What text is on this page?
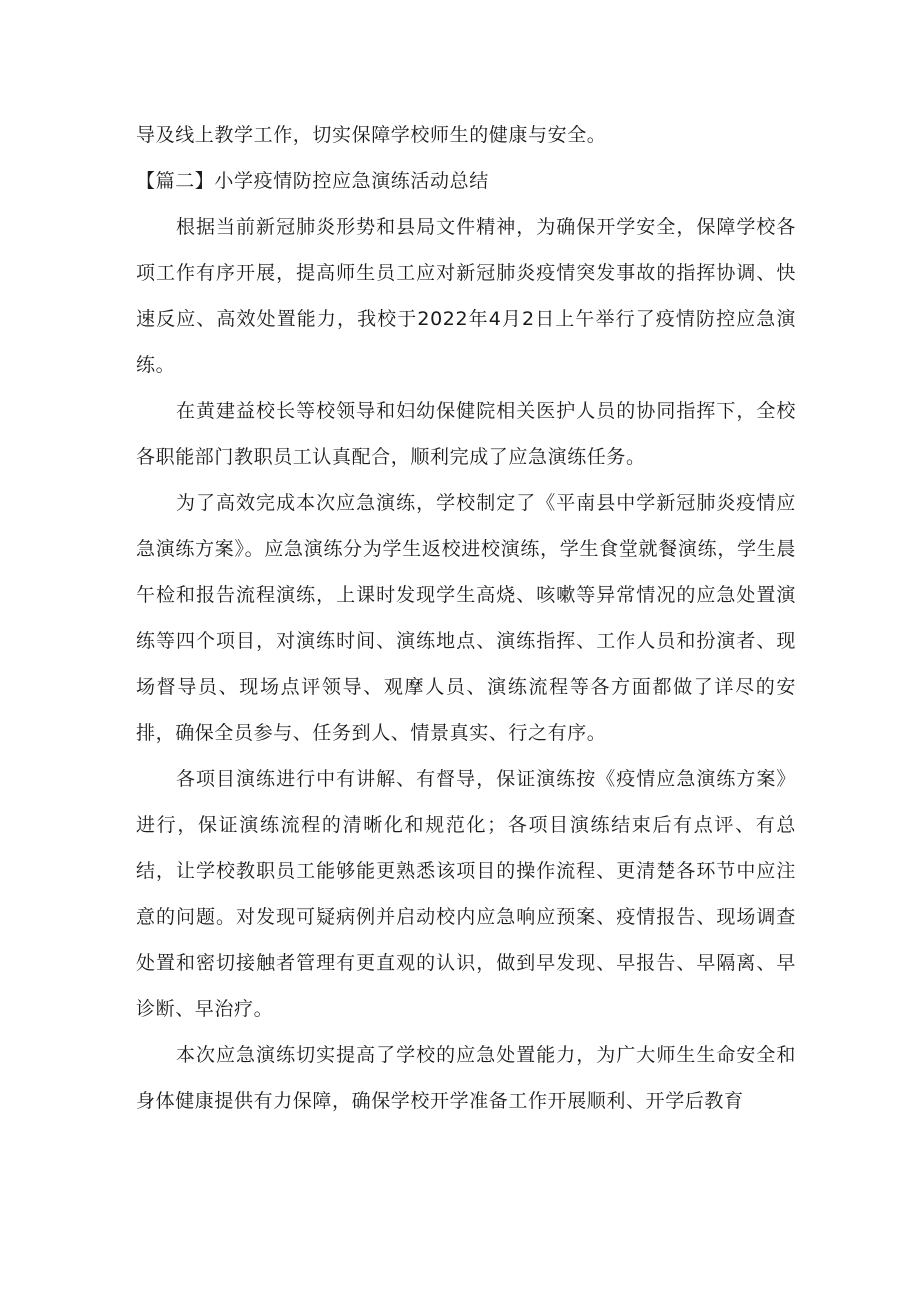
导及线上教学工作，切实保障学校师生的健康与安全。

【篇二】小学疫情防控应急演练活动总结

根据当前新冠肺炎形势和县局文件精神，为确保开学安全，保障学校各项工作有序开展，提高师生员工应对新冠肺炎疫情突发事故的指挥协调、快速反应、高效处置能力，我校于2022年4月2日上午举行了疫情防控应急演练。

在黄建益校长等校领导和妇幼保健院相关医护人员的协同指挥下，全校各职能部门教职员工认真配合，顺利完成了应急演练任务。

为了高效完成本次应急演练，学校制定了《平南县中学新冠肺炎疫情应急演练方案》。应急演练分为学生返校进校演练，学生食堂就餐演练，学生晨午检和报告流程演练，上课时发现学生高烧、咳嗽等异常情况的应急处置演练等四个项目，对演练时间、演练地点、演练指挥、工作人员和扮演者、现场督导员、现场点评领导、观摩人员、演练流程等各方面都做了详尽的安排，确保全员参与、任务到人、情景真实、行之有序。

各项目演练进行中有讲解、有督导，保证演练按《疫情应急演练方案》进行，保证演练流程的清晰化和规范化；各项目演练结束后有点评、有总结，让学校教职员工能够能更熟悉该项目的操作流程、更清楚各环节中应注意的问题。对发现可疑病例并启动校内应急响应预案、疫情报告、现场调查处置和密切接触者管理有更直观的认识，做到早发现、早报告、早隔离、早诊断、早治疗。

本次应急演练切实提高了学校的应急处置能力，为广大师生生命安全和身体健康提供有力保障，确保学校开学准备工作开展顺利、开学后教育
